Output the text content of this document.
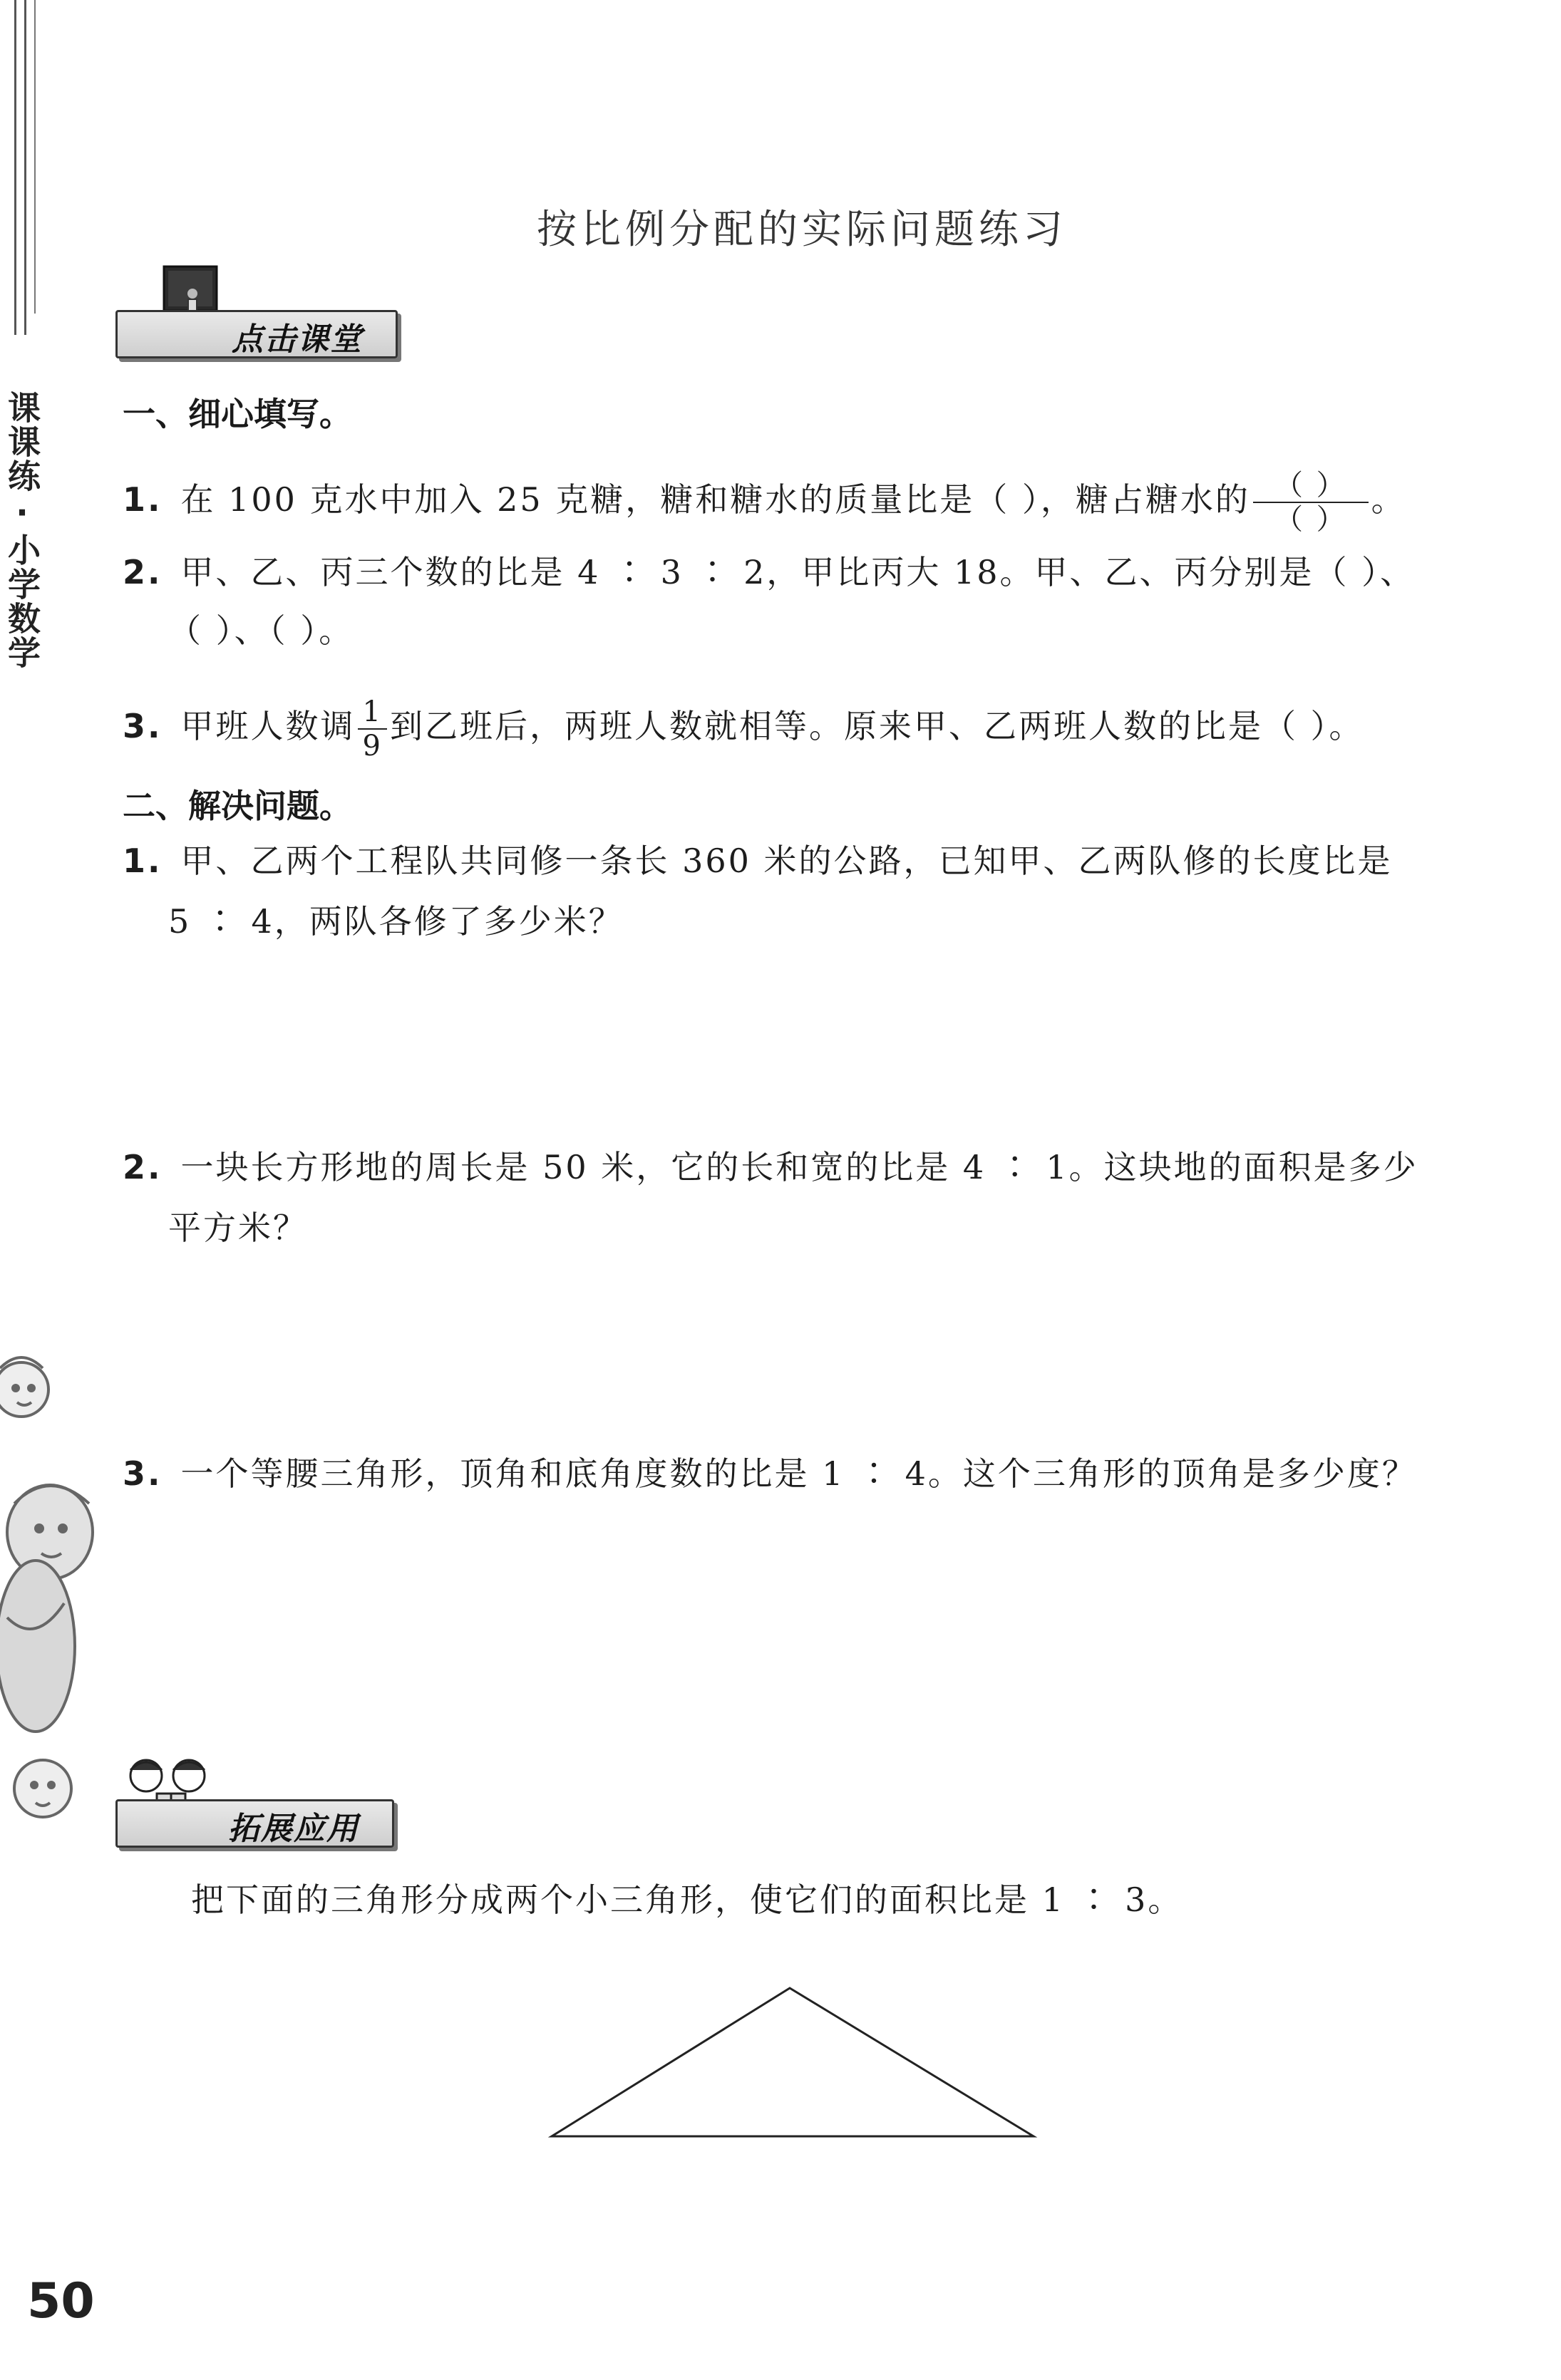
课课练·小学数学
按比例分配的实际问题练习
点击课堂
一、细心填写。
1. 在 100 克水中加入 25 克糖，糖和糖水的质量比是（ ），糖占糖水的 $\frac{( )}{( )}$ 。
2. 甲、乙、丙三个数的比是 4 ∶ 3 ∶ 2，甲比丙大 18。甲、乙、丙分别是（ ）、
（ ）、（ ）。
3. 甲班人数调 $\frac{1}{9}$ 到乙班后，两班人数就相等。原来甲、乙两班人数的比是（ ）。
二、解决问题。
1. 甲、乙两个工程队共同修一条长 360 米的公路，已知甲、乙两队修的长度比是
5 ∶ 4，两队各修了多少米？
2. 一块长方形地的周长是 50 米，它的长和宽的比是 4 ∶ 1。这块地的面积是多少
平方米？
3. 一个等腰三角形，顶角和底角度数的比是 1 ∶ 4。这个三角形的顶角是多少度？
拓展应用
把下面的三角形分成两个小三角形，使它们的面积比是 1 ∶ 3。
50
